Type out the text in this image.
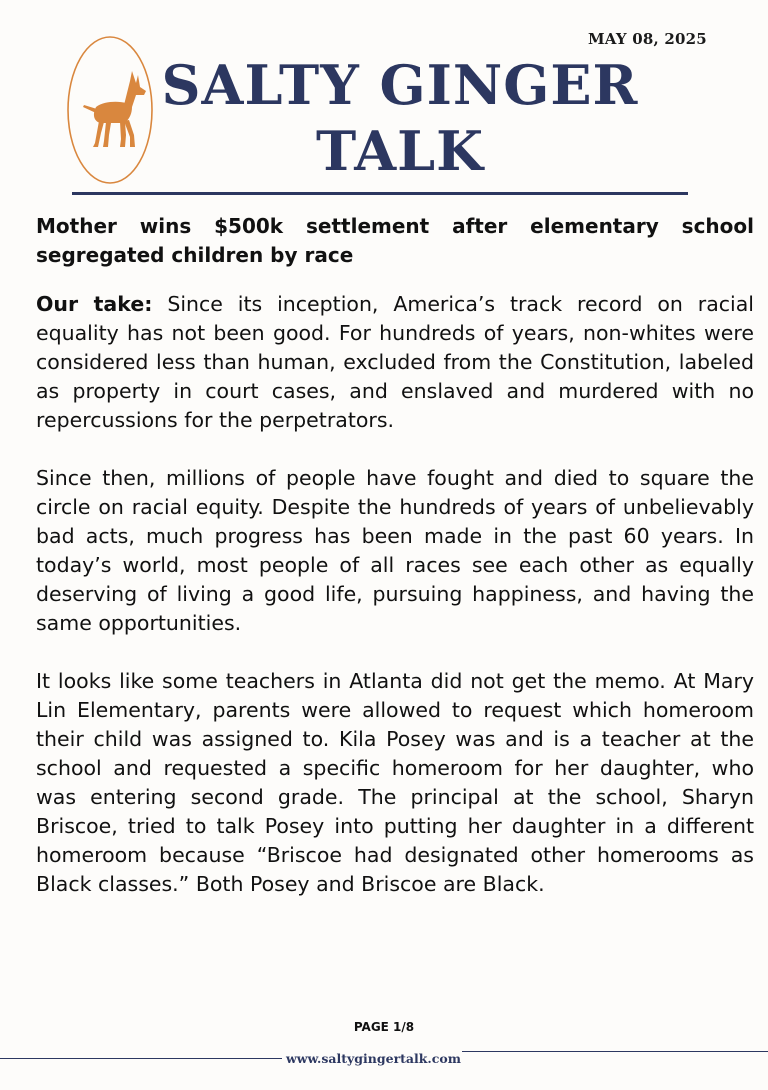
MAY 08, 2025
SALTY GINGER
TALK
Mother wins $500k settlement after elementary school segregated children by race

Our take: Since its inception, America’s track record on racial equality has not been good. For hundreds of years, non-whites were considered less than human, excluded from the Constitution, labeled as property in court cases, and enslaved and murdered with no repercussions for the perpetrators.

Since then, millions of people have fought and died to square the circle on racial equity. Despite the hundreds of years of unbelievably bad acts, much progress has been made in the past 60 years. In today’s world, most people of all races see each other as equally deserving of living a good life, pursuing happiness, and having the same opportunities.

It looks like some teachers in Atlanta did not get the memo. At Mary Lin Elementary, parents were allowed to request which homeroom their child was assigned to. Kila Posey was and is a teacher at the school and requested a specific homeroom for her daughter, who was entering second grade. The principal at the school, Sharyn Briscoe, tried to talk Posey into putting her daughter in a different homeroom because “Briscoe had designated other homerooms as Black classes.” Both Posey and Briscoe are Black.

PAGE 1/8
www.saltygingertalk.com
